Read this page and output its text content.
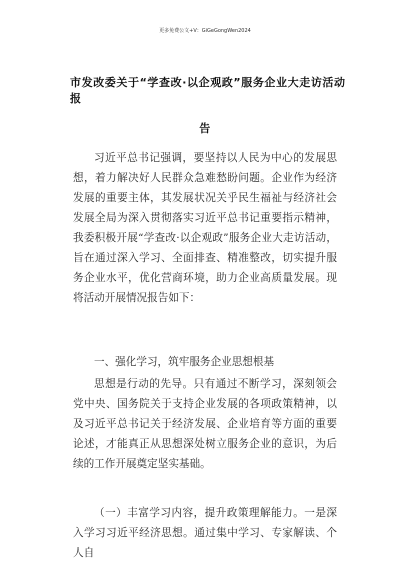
更多免费公文+V：GiGeGongWen2024
市发改委关于“学查改·以企观政”服务企业大走访活动报
告

习近平总书记强调，要坚持以人民为中心的发展思想，着力解决好人民群众急难愁盼问题。企业作为经济发展的重要主体，其发展状况关乎民生福祉与经济社会发展全局为深入贯彻落实习近平总书记重要指示精神，我委积极开展“学查改·以企观政”服务企业大走访活动，旨在通过深入学习、全面排查、精准整改，切实提升服务企业水平，优化营商环境，助力企业高质量发展。现将活动开展情况报告如下：

一、强化学习，筑牢服务企业思想根基

思想是行动的先导。只有通过不断学习，深刻领会党中央、国务院关于支持企业发展的各项政策精神，以及习近平总书记关于经济发展、企业培育等方面的重要论述，才能真正从思想深处树立服务企业的意识，为后续的工作开展奠定坚实基础。

（一）丰富学习内容，提升政策理解能力。一是深入学习习近平经济思想。通过集中学习、专家解读、个人自
